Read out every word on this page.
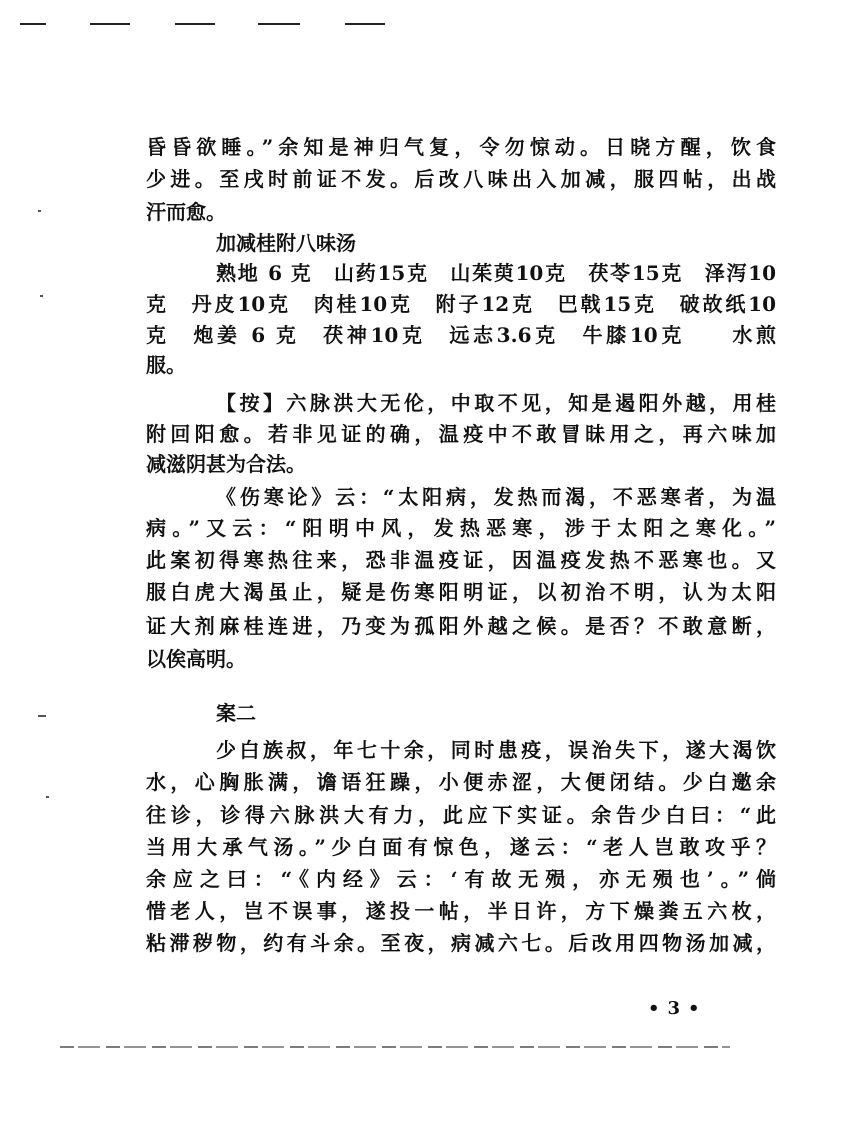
昏昏欲睡。”余知是神归气复，令勿惊动。日晓方醒，饮食
少进。至戌时前证不发。后改八味出入加减，服四帖，出战
汗而愈。
加减桂附八味汤
熟地 6 克　山药15克　山茱萸10克　茯苓15克　泽泻10
克　丹皮10克　肉桂10克　附子12克　巴戟15克　破故纸10
克　炮姜 6 克　茯神10克　远志3.6克　牛膝10克　　水煎
服。
【按】六脉洪大无伦，中取不见，知是遏阳外越，用桂
附回阳愈。若非见证的确，温疫中不敢冒昧用之，再六味加
减滋阴甚为合法。
《伤寒论》云：“太阳病，发热而渴，不恶寒者，为温
病。”又云：“阳明中风，发热恶寒，涉于太阳之寒化。”
此案初得寒热往来，恐非温疫证，因温疫发热不恶寒也。又
服白虎大渴虽止，疑是伤寒阳明证，以初治不明，认为太阳
证大剂麻桂连进，乃变为孤阳外越之候。是否？不敢意断，
以俟高明。
案二
少白族叔，年七十余，同时患疫，误治失下，遂大渴饮
水，心胸胀满，谵语狂躁，小便赤涩，大便闭结。少白邀余
往诊，诊得六脉洪大有力，此应下实证。余告少白曰：“此
当用大承气汤。”少白面有惊色，遂云：“老人岂敢攻乎？
余应之曰：“《内经》云：‘有故无殒，亦无殒也’。”倘
惜老人，岂不误事，遂投一帖，半日许，方下燥粪五六枚，
粘滞秽物，约有斗余。至夜，病减六七。后改用四物汤加减，
•3•
